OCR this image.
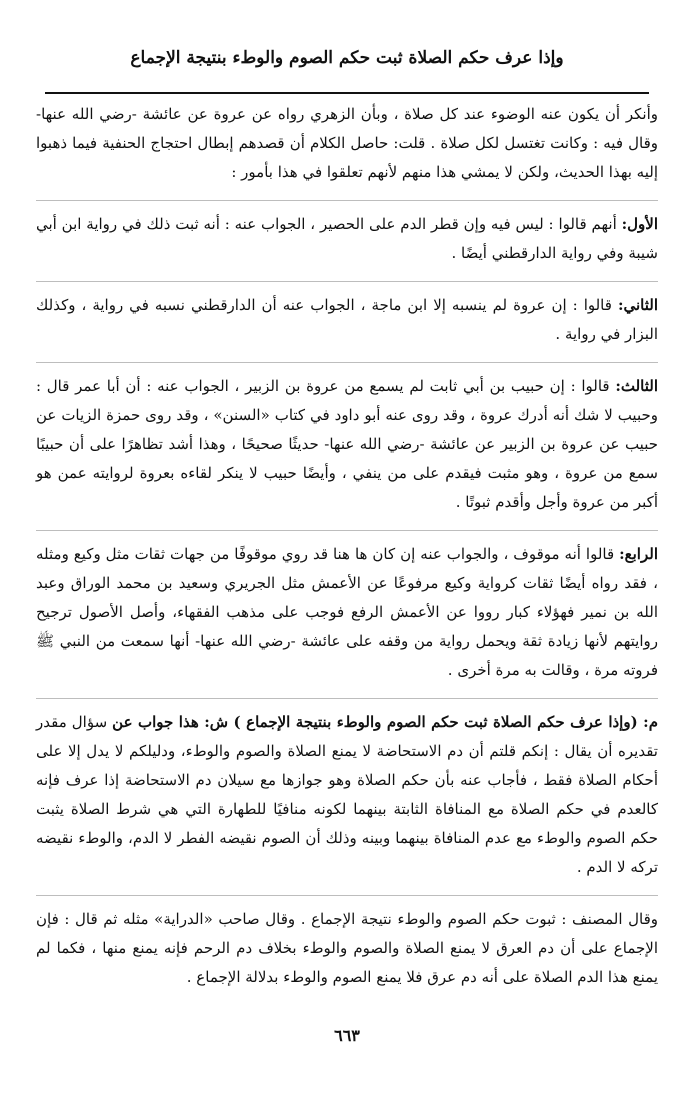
وإذا عرف حكم الصلاة ثبت حكم الصوم والوطء بنتيجة الإجماع

وأنكر أن يكون عنه الوضوء عند كل صلاة ، وبأن الزهري رواه عن عروة عن عائشة -رضي الله عنها- وقال فيه : وكانت تغتسل لكل صلاة . قلت: حاصل الكلام أن قصدهم إبطال احتجاج الحنفية فيما ذهبوا إليه بهذا الحديث، ولكن لا يمشي هذا منهم لأنهم تعلقوا في هذا بأمور :

الأول: أنهم قالوا : ليس فيه وإن قطر الدم على الحصير ، الجواب عنه : أنه ثبت ذلك في رواية ابن أبي شيبة وفي رواية الدارقطني أيضًا .

الثاني: قالوا : إن عروة لم ينسبه إلا ابن ماجة ، الجواب عنه أن الدارقطني نسبه في رواية ، وكذلك البزار في رواية .

الثالث: قالوا : إن حبيب بن أبي ثابت لم يسمع من عروة بن الزبير ، الجواب عنه : أن أبا عمر قال : وحبيب لا شك أنه أدرك عروة ، وقد روى عنه أبو داود في كتاب «السنن» ، وقد روى حمزة الزيات عن حبيب عن عروة بن الزبير عن عائشة -رضي الله عنها- حديثًا صحيحًا ، وهذا أشد تظاهرًا على أن حبيبًا سمع من عروة ، وهو مثبت فيقدم على من ينفي ، وأيضًا حبيب لا ينكر لقاءه بعروة لروايته عمن هو أكبر من عروة وأجل وأقدم ثبوتًا .

الرابع: قالوا أنه موقوف ، والجواب عنه إن كان ها هنا قد روي موقوفًا من جهات ثقات مثل وكيع ومثله ، فقد رواه أيضًا ثقات كرواية وكيع مرفوعًا عن الأعمش مثل الجريري وسعيد بن محمد الوراق وعبد الله بن نمير فهؤلاء كبار رووا عن الأعمش الرفع فوجب على مذهب الفقهاء، وأصل الأصول ترجيح روايتهم لأنها زيادة ثقة ويحمل رواية من وقفه على عائشة -رضي الله عنها- أنها سمعت من النبي ﷺ فروته مرة ، وقالت به مرة أخرى .

م: (وإذا عرف حكم الصلاة ثبت حكم الصوم والوطء بنتيجة الإجماع ) ش: هذا جواب عن سؤال مقدر تقديره أن يقال : إنكم قلتم أن دم الاستحاضة لا يمنع الصلاة والصوم والوطء، ودليلكم لا يدل إلا على أحكام الصلاة فقط ، فأجاب عنه بأن حكم الصلاة وهو جوازها مع سيلان دم الاستحاضة إذا عرف فإنه كالعدم في حكم الصلاة مع المنافاة الثابتة بينهما لكونه منافيًا للطهارة التي هي شرط الصلاة يثبت حكم الصوم والوطء مع عدم المنافاة بينهما وبينه وذلك أن الصوم نقيضه الفطر لا الدم، والوطء نقيضه تركه لا الدم .

وقال المصنف : ثبوت حكم الصوم والوطء نتيجة الإجماع . وقال صاحب «الدراية» مثله ثم قال : فإن الإجماع على أن دم العرق لا يمنع الصلاة والصوم والوطء بخلاف دم الرحم فإنه يمنع منها ، فكما لم يمنع هذا الدم الصلاة على أنه دم عرق فلا يمنع الصوم والوطء بدلالة الإجماع .

٦٦٣
